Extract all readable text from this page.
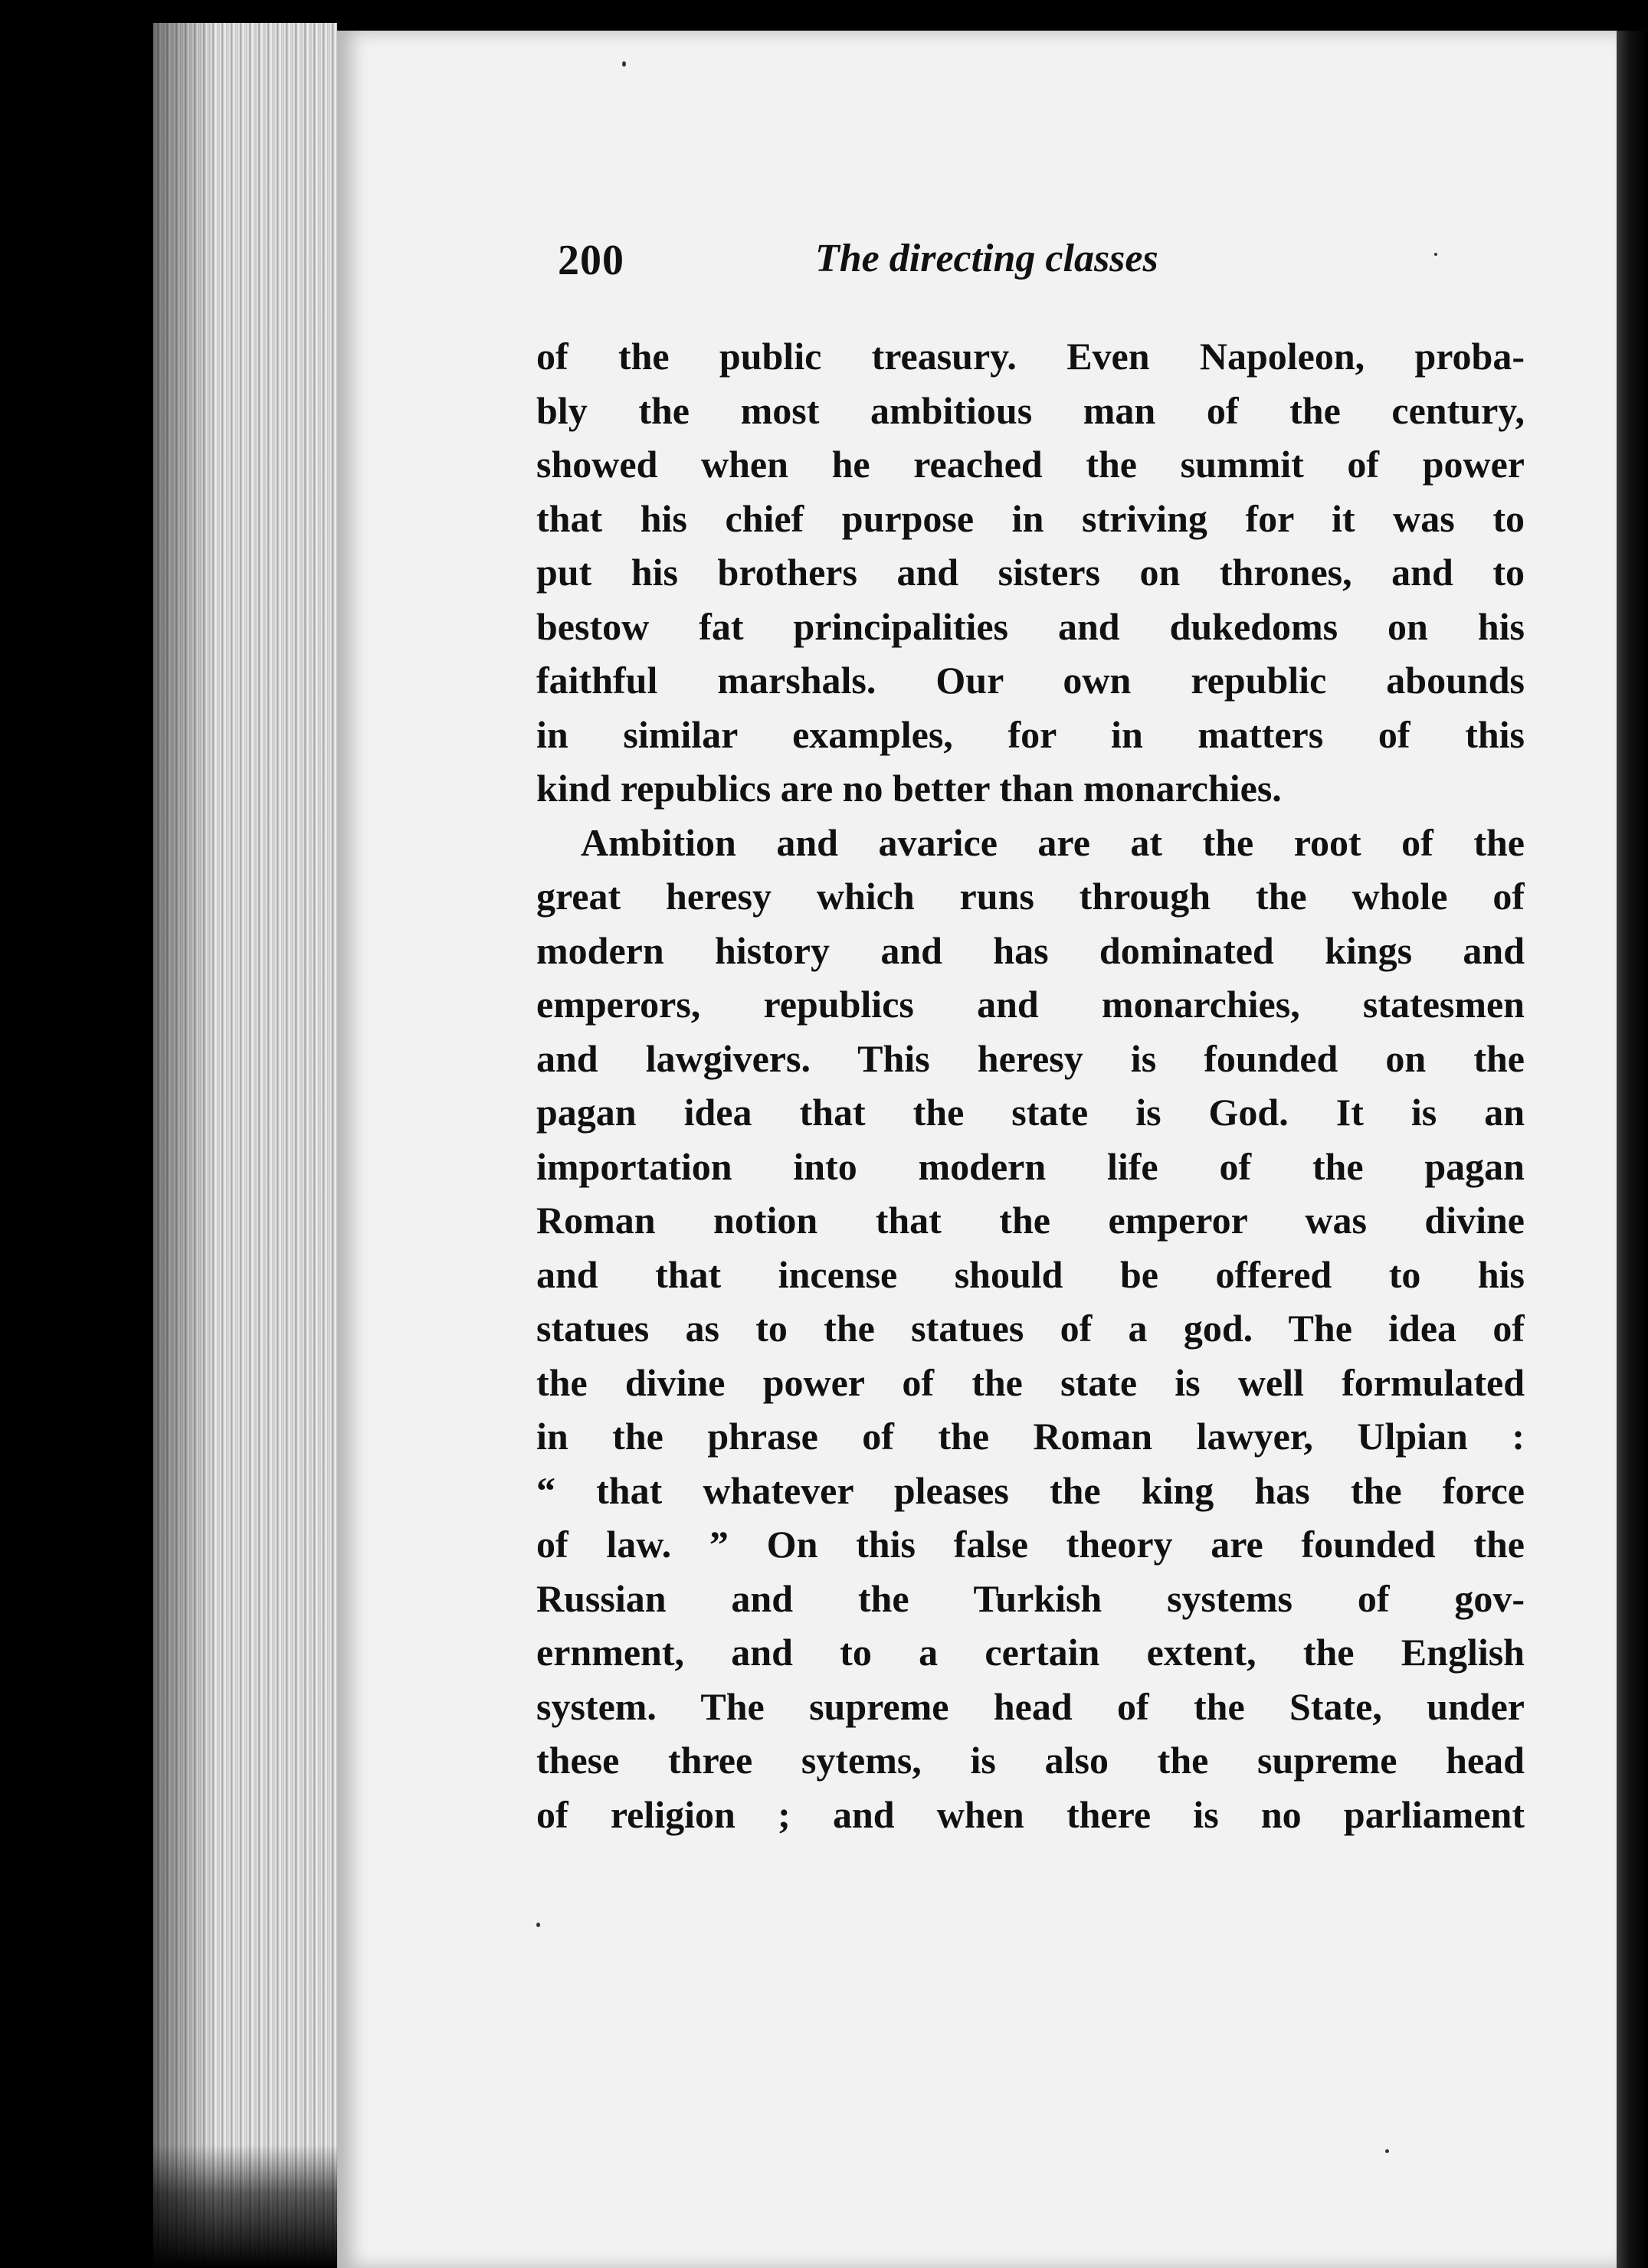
200	The directing classes
of the public treasury. Even Napoleon, proba-
bly the most ambitious man of the century,
showed when he reached the summit of power
that his chief purpose in striving for it was to
put his brothers and sisters on thrones, and to
bestow fat principalities and dukedoms on his
faithful marshals. Our own republic abounds
in similar examples, for in matters of this
kind republics are no better than monarchies.
Ambition and avarice are at the root of the
great heresy which runs through the whole of
modern history and has dominated kings and
emperors, republics and monarchies, statesmen
and lawgivers. This heresy is founded on the
pagan idea that the state is God. It is an
importation into modern life of the pagan
Roman notion that the emperor was divine
and that incense should be offered to his
statues as to the statues of a god. The idea of
the divine power of the state is well formulated
in the phrase of the Roman lawyer, Ulpian :
“ that whatever pleases the king has the force
of law. ” On this false theory are founded the
Russian and the Turkish systems of gov-
ernment, and to a certain extent, the English
system. The supreme head of the State, under
these three sytems, is also the supreme head
of religion ; and when there is no parliament
